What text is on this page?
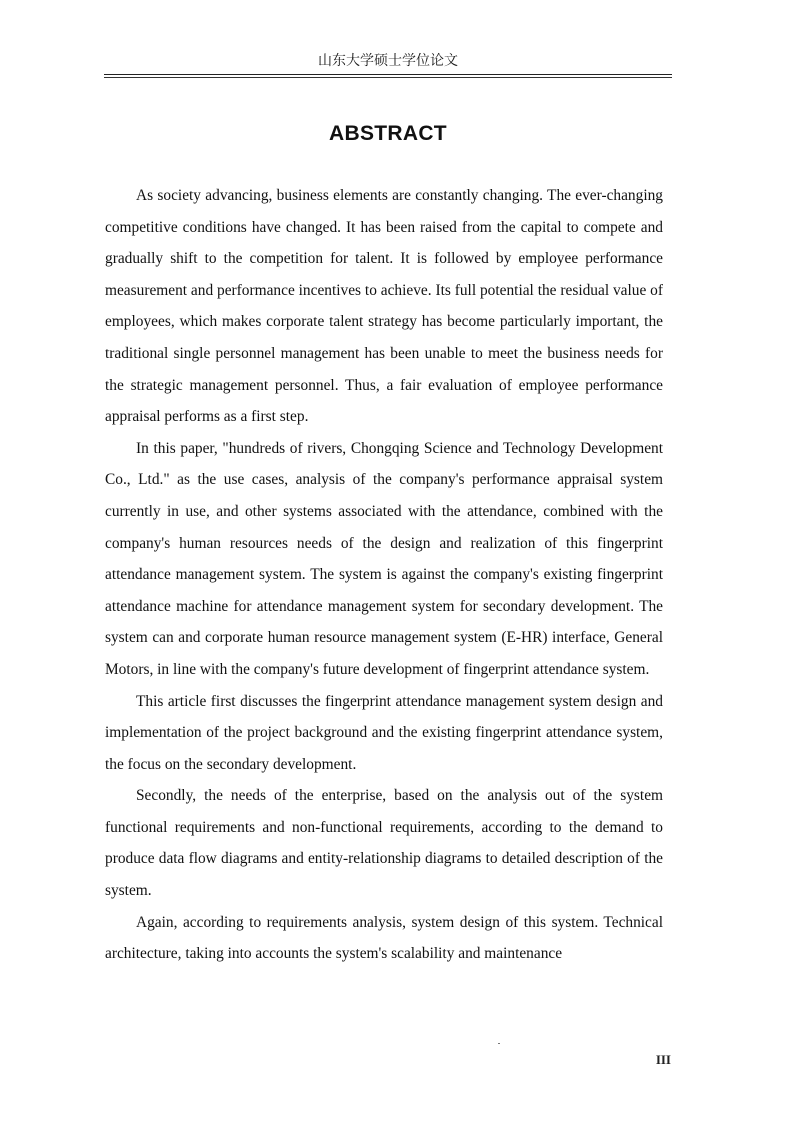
山东大学硕士学位论文
ABSTRACT

As society advancing, business elements are constantly changing. The ever-changing competitive conditions have changed. It has been raised from the capital to compete and gradually shift to the competition for talent. It is followed by employee performance measurement and performance incentives to achieve. Its full potential the residual value of employees, which makes corporate talent strategy has become particularly important, the traditional single personnel management has been unable to meet the business needs for the strategic management personnel. Thus, a fair evaluation of employee performance appraisal performs as a first step.

In this paper, "hundreds of rivers, Chongqing Science and Technology Development Co., Ltd." as the use cases, analysis of the company's performance appraisal system currently in use, and other systems associated with the attendance, combined with the company's human resources needs of the design and realization of this fingerprint attendance management system. The system is against the company's existing fingerprint attendance machine for attendance management system for secondary development. The system can and corporate human resource management system (E-HR) interface, General Motors, in line with the company's future development of fingerprint attendance system.

This article first discusses the fingerprint attendance management system design and implementation of the project background and the existing fingerprint attendance system, the focus on the secondary development.

Secondly, the needs of the enterprise, based on the analysis out of the system functional requirements and non-functional requirements, according to the demand to produce data flow diagrams and entity-relationship diagrams to detailed description of the system.

Again, according to requirements analysis, system design of this system. Technical architecture, taking into accounts the system's scalability and maintenance

III
